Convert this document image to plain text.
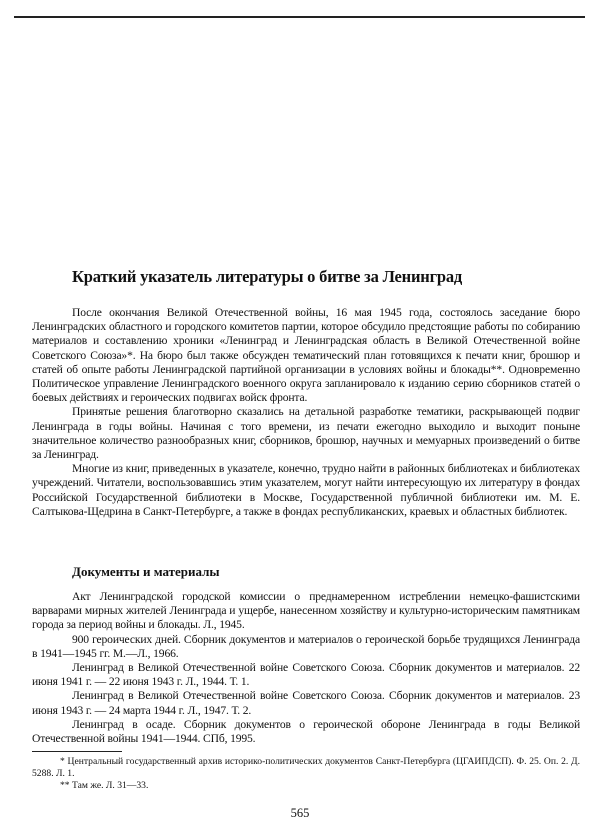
Краткий указатель литературы о битве за Ленинград

После окончания Великой Отечественной войны, 16 мая 1945 года, состоялось заседание бюро Ленинградских областного и городского комитетов партии, которое обсудило предстоящие работы по собиранию материалов и составлению хроники «Ленинград и Ленинградская область в Великой Отечественной войне Советского Союза»*. На бюро был также обсужден тематический план готовящихся к печати книг, брошюр и статей об опыте работы Ленинградской партийной организации в условиях войны и блокады**. Одновременно Политическое управление Ленинградского военного округа запланировало к изданию серию сборников статей о боевых действиях и героических подвигах войск фронта.

Принятые решения благотворно сказались на детальной разработке тематики, раскрывающей подвиг Ленинграда в годы войны. Начиная с того времени, из печати ежегодно выходило и выходит поныне значительное количество разнообразных книг, сборников, брошюр, научных и мемуарных произведений о битве за Ленинград.

Многие из книг, приведенных в указателе, конечно, трудно найти в районных библиотеках и библиотеках учреждений. Читатели, воспользовавшись этим указателем, могут найти интересующую их литературу в фондах Российской Государственной библиотеки в Москве, Государственной публичной библиотеки им. М. Е. Салтыкова-Щедрина в Санкт-Петербурге, а также в фондах республиканских, краевых и областных библиотек.

Документы и материалы

Акт Ленинградской городской комиссии о преднамеренном истреблении немецко-фашистскими варварами мирных жителей Ленинграда и ущербе, нанесенном хозяйству и культурно-историческим памятникам города за период войны и блокады. Л., 1945.

900 героических дней. Сборник документов и материалов о героической борьбе трудящихся Ленинграда в 1941—1945 гг. М.—Л., 1966.

Ленинград в Великой Отечественной войне Советского Союза. Сборник документов и материалов. 22 июня 1941 г. — 22 июня 1943 г. Л., 1944. Т. 1.

Ленинград в Великой Отечественной войне Советского Союза. Сборник документов и материалов. 23 июня 1943 г. — 24 марта 1944 г. Л., 1947. Т. 2.

Ленинград в осаде. Сборник документов о героической обороне Ленинграда в годы Великой Отечественной войны 1941—1944. СПб, 1995.

* Центральный государственный архив историко-политических документов Санкт-Петербурга (ЦГАИПДСП). Ф. 25. Оп. 2. Д. 5288. Л. 1.

** Там же. Л. 31—33.

565
